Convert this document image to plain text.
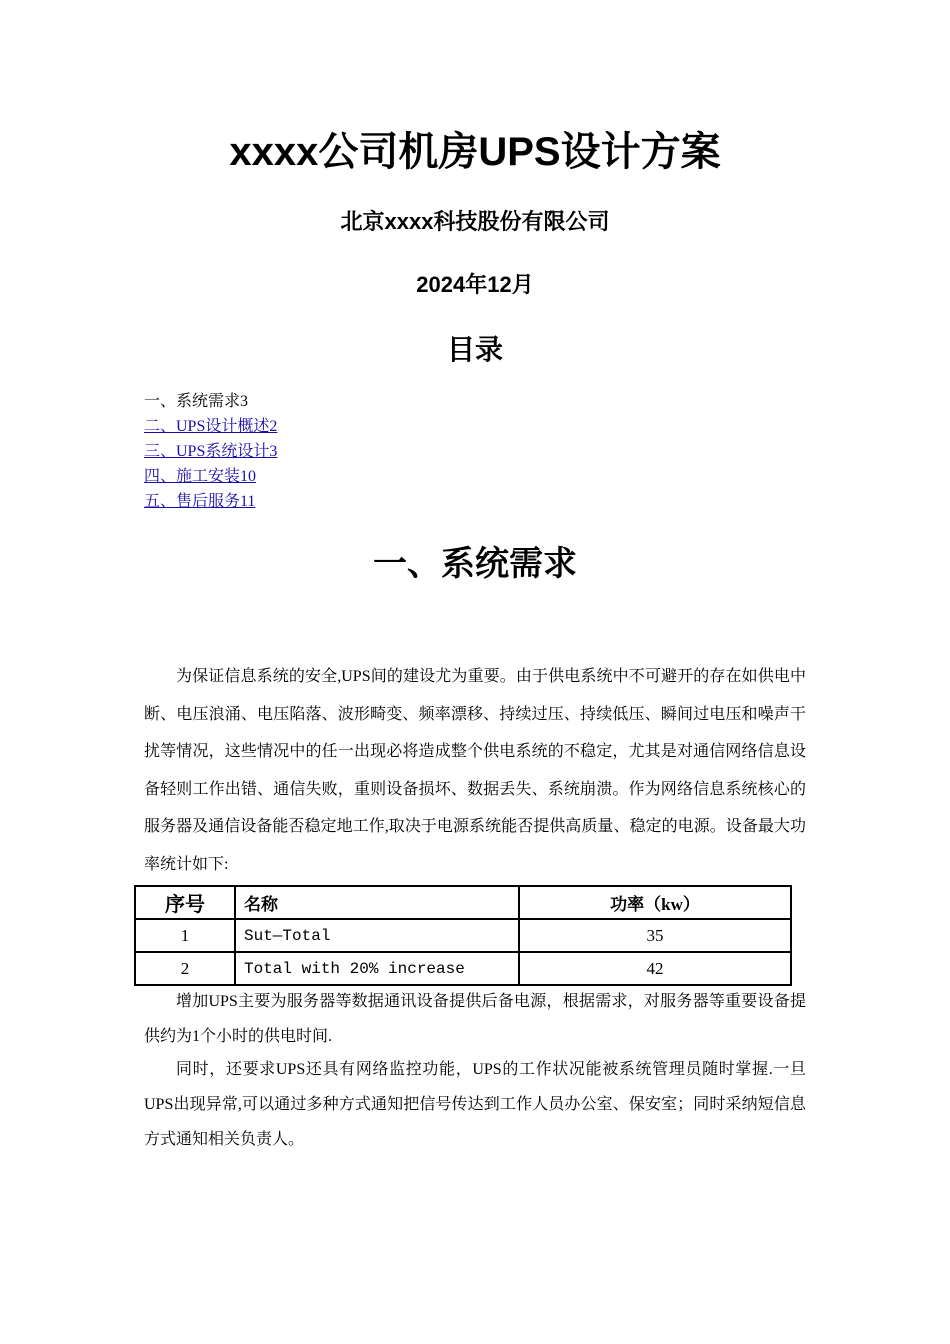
xxxx公司机房UPS设计方案
北京xxxx科技股份有限公司
2024年12月
目录
一、系统需求3
二、UPS设计概述2
三、UPS系统设计3
四、施工安装10
五、售后服务11
一、系统需求

为保证信息系统的安全,UPS间的建设尤为重要。由于供电系统中不可避开的存在如供电中断、电压浪涌、电压陷落、波形畸变、频率漂移、持续过压、持续低压、瞬间过电压和噪声干扰等情况，这些情况中的任一出现必将造成整个供电系统的不稳定，尤其是对通信网络信息设备轻则工作出错、通信失败，重则设备损坏、数据丢失、系统崩溃。作为网络信息系统核心的服务器及通信设备能否稳定地工作,取决于电源系统能否提供高质量、稳定的电源。设备最大功率统计如下:

序号	名称	功率（kw）
1	Sut—Total	35
2	Total with 20% increase	42

增加UPS主要为服务器等数据通讯设备提供后备电源，根据需求，对服务器等重要设备提供约为1个小时的供电时间.

同时，还要求UPS还具有网络监控功能，UPS的工作状况能被系统管理员随时掌握.一旦UPS出现异常,可以通过多种方式通知把信号传达到工作人员办公室、保安室；同时采纳短信息方式通知相关负责人。
